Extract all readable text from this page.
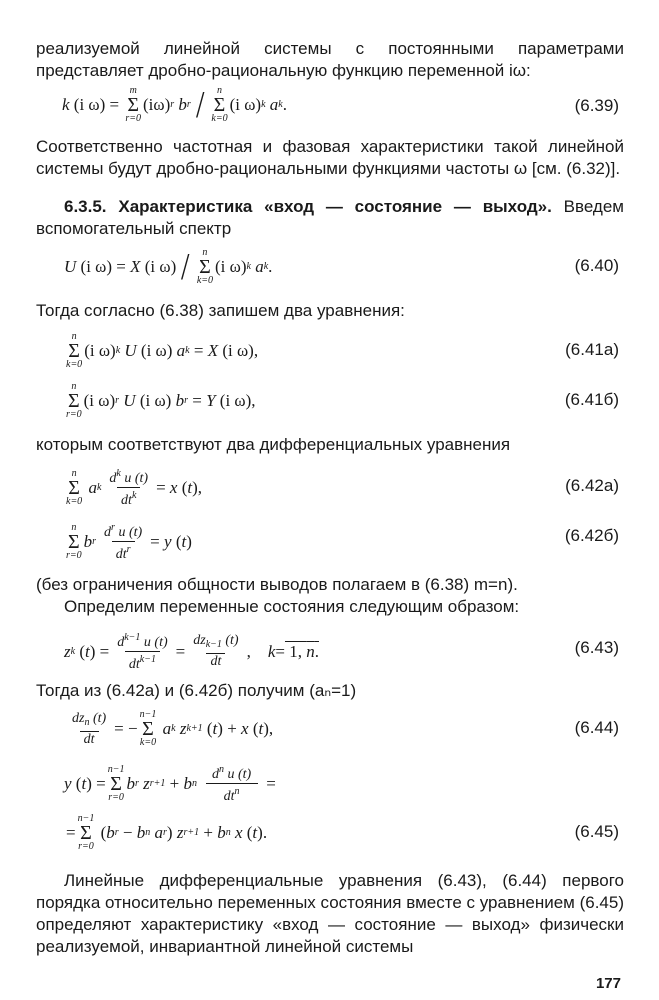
реализуемой линейной системы с постоянными параметрами представляет дробно-рациональную функцию переменной iω:
k (i ω) =
m
Σ
r=0
(iω) r
b r / n
Σ
k=0
(i ω) k
a k .	(6.39)
Соответственно частотная и фазовая характеристики такой линейной системы будут дробно-рациональными функциями частоты ω [см. (6.32)].
6.3.5. Характеристика «вход — состояние — выход». Введем вспомогательный спектр
U (i ω) = X (i ω) / n
Σ
k=0
(i ω) k
a k .	(6.40)
Тогда согласно (6.38) запишем два уравнения:
n
Σ
k=0
(i ω) k
U (i ω) a k = X (i ω),	(6.41а)
n
Σ
r=0
(i ω) r
U (i ω) b r = Y (i ω),	(6.41б)
которым соответствуют два дифференциальных уравнения
n
Σ
k=0

a k $\frac{d^k u (t)}{dt^k} = x$ ( t ),	(6.42а)
n
Σ
r=0
b r $\frac{d^r u (t)}{dt^r} = y$ ( t )	(6.42б)
(без ограничения общности выводов полагаем в (6.38) m=n).
Определим переменные состояния следующим образом:
z k ( t ) = $\frac{d^{k-1} u (t)}{dt^{k-1}} = \frac{dz_{k-1} (t)}{dt}$ , k = 1, n.	(6.43)
Тогда из (6.42а) и (6.42б) получим (aₙ=1)
$\frac{dz_n (t)}{dt}$ = −
n−1
Σ
k=0

a k
z k+1 ( t ) + x ( t ),	(6.44)
y ( t ) =
n−1
Σ
r=0
b r
z r+1 + b n $\frac{d^n u (t)}{dt^n}$ =
=
n−1
Σ
r=0
( b r − b n
a r ) z r+1 + b n
x ( t ).	(6.45)
Линейные дифференциальные уравнения (6.43), (6.44) первого порядка относительно переменных состояния вместе с уравнением (6.45) определяют характеристику «вход — состояние — выход» физически реализуемой, инвариантной линейной системы
177
